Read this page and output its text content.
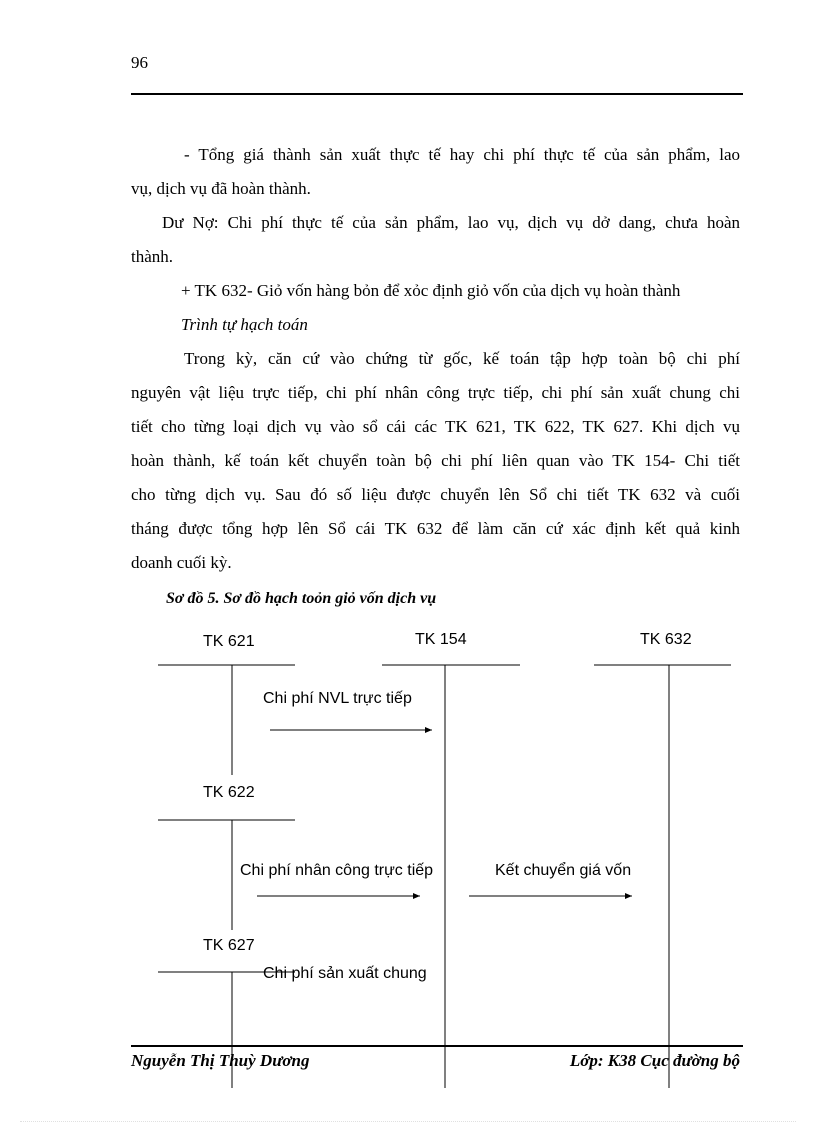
96
- Tổng giá thành sản xuất thực tế hay chi phí thực tế của sản phẩm, lao
vụ, dịch vụ đã hoàn thành.
Dư Nợ: Chi phí thực tế của sản phẩm, lao vụ, dịch vụ dở dang, chưa hoàn
thành.
+ TK 632- Giỏ vốn hàng bỏn để xỏc định giỏ vốn của dịch vụ hoàn thành
Trình tự hạch toán
Trong kỳ, căn cứ vào chứng từ gốc, kế toán tập hợp toàn bộ chi phí
nguyên vật liệu trực tiếp, chi phí nhân công trực tiếp, chi phí sản xuất chung chi
tiết cho từng loại dịch vụ vào sổ cái các TK 621, TK 622, TK 627. Khi dịch vụ
hoàn thành, kế toán kết chuyển toàn bộ chi phí liên quan vào TK 154- Chi tiết
cho từng dịch vụ. Sau đó số liệu được chuyển lên Sổ chi tiết TK 632 và cuối
tháng được tổng hợp lên Sổ cái TK 632 để làm căn cứ xác định kết quả kinh
doanh cuối kỳ.
Sơ đồ 5. Sơ đồ hạch toỏn giỏ vốn dịch vụ
TK 621	TK 154	TK 632
TK 622
TK 627
Chi phí NVL trực tiếp
Chi phí nhân công trực tiếp	Kết chuyển giá vốn
Chi phí sản xuất chung
Nguyễn Thị Thuỳ Dương	Lớp: K38 Cục đường bộ
